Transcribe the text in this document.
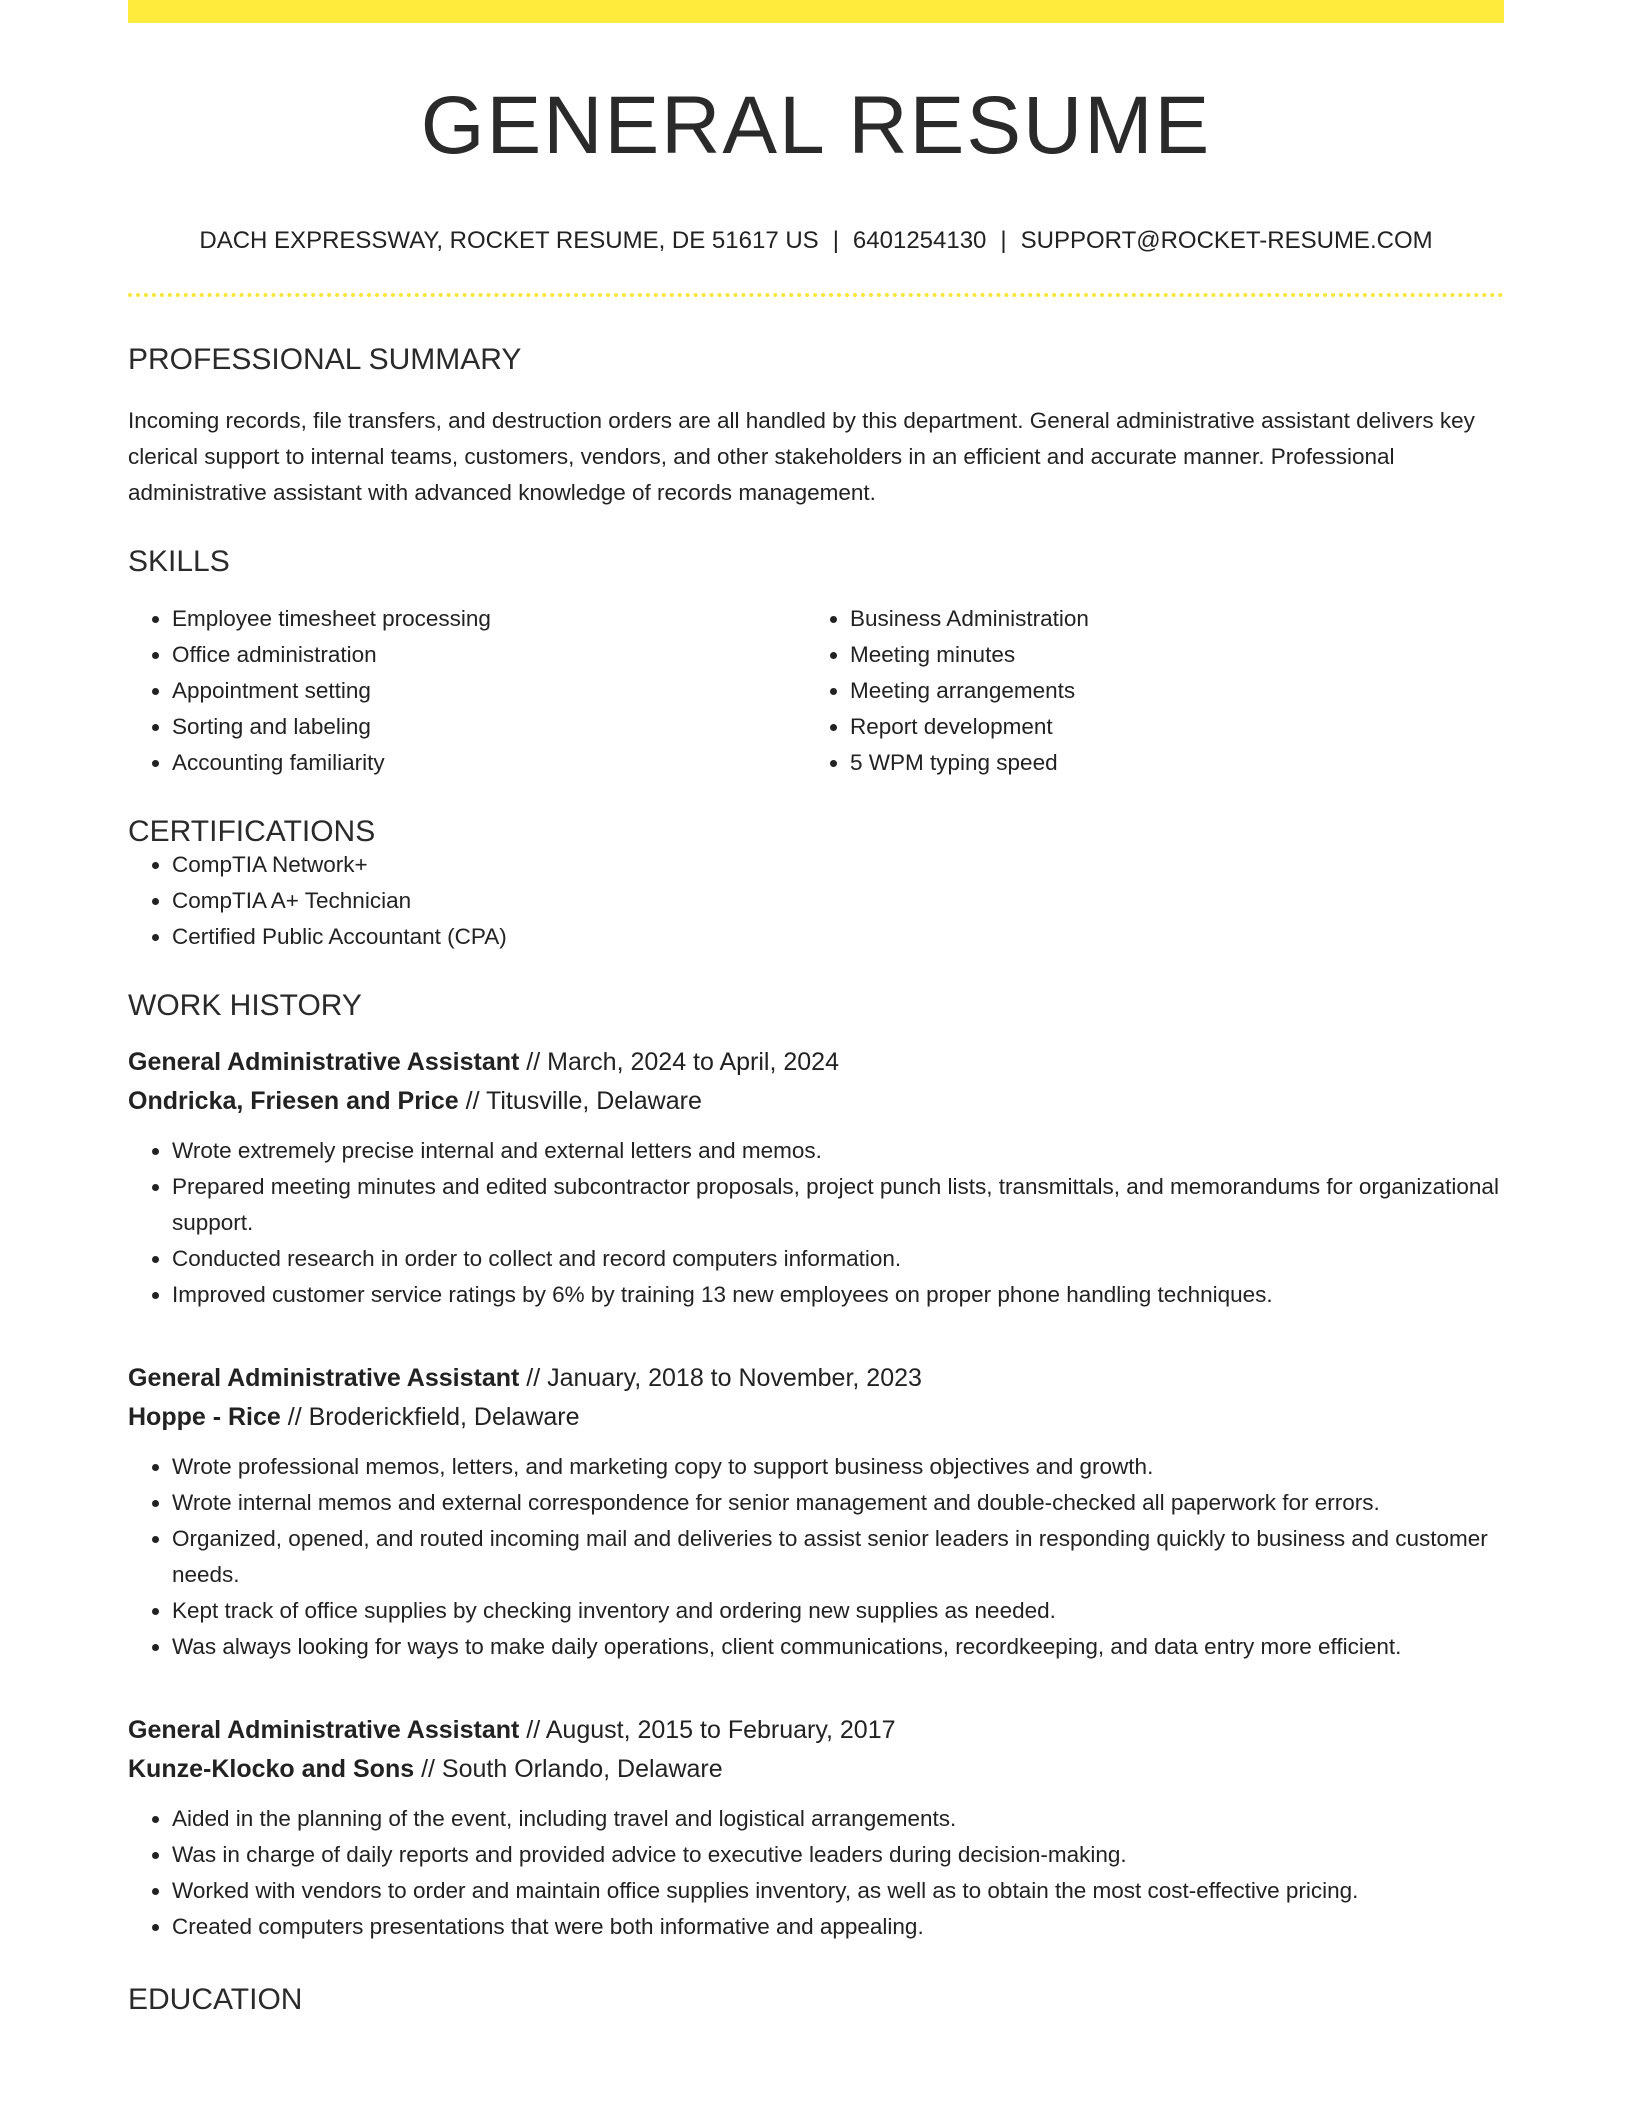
GENERAL RESUME
DACH EXPRESSWAY, ROCKET RESUME, DE 51617 US | 6401254130 | SUPPORT@ROCKET-RESUME.COM
PROFESSIONAL SUMMARY

Incoming records, file transfers, and destruction orders are all handled by this department. General administrative assistant delivers key clerical support to internal teams, customers, vendors, and other stakeholders in an efficient and accurate manner. Professional administrative assistant with advanced knowledge of records management.

SKILLS
• Employee timesheet processing
• Office administration
• Appointment setting
• Sorting and labeling
• Accounting familiarity
• Business Administration
• Meeting minutes
• Meeting arrangements
• Report development
• 5 WPM typing speed
CERTIFICATIONS
• CompTIA Network+
• CompTIA A+ Technician
• Certified Public Accountant (CPA)
WORK HISTORY
General Administrative Assistant // March, 2024 to April, 2024
Ondricka, Friesen and Price // Titusville, Delaware
• Wrote extremely precise internal and external letters and memos.
• Prepared meeting minutes and edited subcontractor proposals, project punch lists, transmittals, and memorandums for organizational support.
• Conducted research in order to collect and record computers information.
• Improved customer service ratings by 6% by training 13 new employees on proper phone handling techniques.
General Administrative Assistant // January, 2018 to November, 2023
Hoppe - Rice // Broderickfield, Delaware
• Wrote professional memos, letters, and marketing copy to support business objectives and growth.
• Wrote internal memos and external correspondence for senior management and double-checked all paperwork for errors.
• Organized, opened, and routed incoming mail and deliveries to assist senior leaders in responding quickly to business and customer needs.
• Kept track of office supplies by checking inventory and ordering new supplies as needed.
• Was always looking for ways to make daily operations, client communications, recordkeeping, and data entry more efficient.
General Administrative Assistant // August, 2015 to February, 2017
Kunze-Klocko and Sons // South Orlando, Delaware
• Aided in the planning of the event, including travel and logistical arrangements.
• Was in charge of daily reports and provided advice to executive leaders during decision-making.
• Worked with vendors to order and maintain office supplies inventory, as well as to obtain the most cost-effective pricing.
• Created computers presentations that were both informative and appealing.
EDUCATION
